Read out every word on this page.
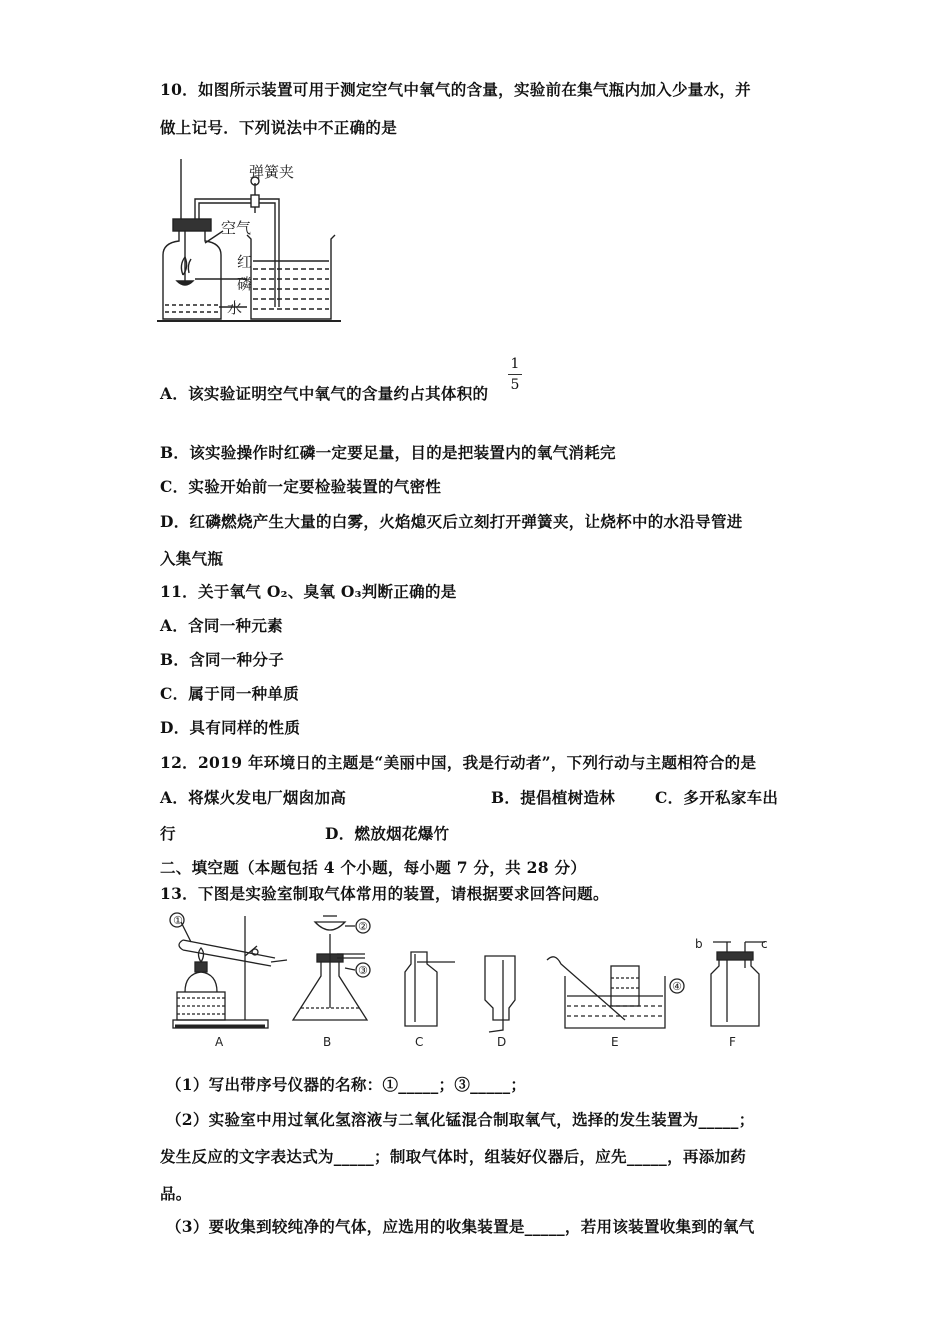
10．如图所示装置可用于测定空气中氧气的含量，实验前在集气瓶内加入少量水，并
做上记号．下列说法中不正确的是
弹簧夹
空气
红
磷
水
A．该实验证明空气中氧气的含量约占其体积的
1
5
B．该实验操作时红磷一定要足量，目的是把装置内的氧气消耗完
C．实验开始前一定要检验装置的气密性
D．红磷燃烧产生大量的白雾，火焰熄灭后立刻打开弹簧夹，让烧杯中的水沿导管进
入集气瓶
11．关于氧气 O₂、臭氧 O₃判断正确的是
A．含同一种元素
B．含同一种分子
C．属于同一种单质
D．具有同样的性质
12．2019 年环境日的主题是“美丽中国，我是行动者”，下列行动与主题相符合的是
A．将煤火发电厂烟囱加高	B．提倡植树造林	C．多开私家车出
行	D．燃放烟花爆竹
二、填空题（本题包括 4 个小题，每小题 7 分，共 28 分）
13．下图是实验室制取气体常用的装置，请根据要求回答问题。
①	②
③
④
b	c
A	B	C	D	E	F
（1）写出带序号仪器的名称：①_____；③_____；
（2）实验室中用过氧化氢溶液与二氧化锰混合制取氧气，选择的发生装置为_____；
发生反应的文字表达式为_____；制取气体时，组装好仪器后，应先_____，再添加药
品。
（3）要收集到较纯净的气体，应选用的收集装置是_____，若用该装置收集到的氧气
